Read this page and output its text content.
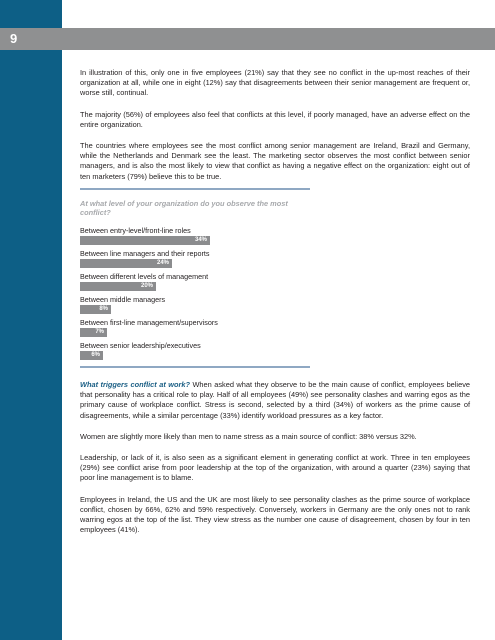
9

In illustration of this, only one in five employees (21%) say that they see no conflict in the up-most reaches of their organization at all, while one in eight (12%) say that disagreements between their senior management are frequent or, worse still, continual.

The majority (56%) of employees also feel that conflicts at this level, if poorly managed, have an adverse effect on the entire organization.

The countries where employees see the most conflict among senior management are Ireland, Brazil and Germany, while the Netherlands and Denmark see the least. The marketing sector observes the most conflict between senior managers, and is also the most likely to view that conflict as having a negative effect on the organization: eight out of ten marketers (79%) believe this to be true.

At what level of your organization do you observe the most conflict?
Between entry-level/front-line roles
34%
Between line managers and their reports
24%
Between different levels of management
20%
Between middle managers
8%
Between first-line management/supervisors
7%
Between senior leadership/executives
6%

What triggers conflict at work? When asked what they observe to be the main cause of conflict, employees believe that personality has a critical role to play. Half of all employees (49%) see personality clashes and warring egos as the primary cause of workplace conflict. Stress is second, selected by a third (34%) of workers as the prime cause of disagreements, while a similar percentage (33%) identify workload pressures as a key factor.

Women are slightly more likely than men to name stress as a main source of conflict: 38% versus 32%.

Leadership, or lack of it, is also seen as a significant element in generating conflict at work. Three in ten employees (29%) see conflict arise from poor leadership at the top of the organization, with around a quarter (23%) saying that poor line management is to blame.

Employees in Ireland, the US and the UK are most likely to see personality clashes as the prime source of workplace conflict, chosen by 66%, 62% and 59% respectively. Conversely, workers in Germany are the only ones not to rank warring egos at the top of the list. They view stress as the number one cause of disagreement, chosen by four in ten employees (41%).
